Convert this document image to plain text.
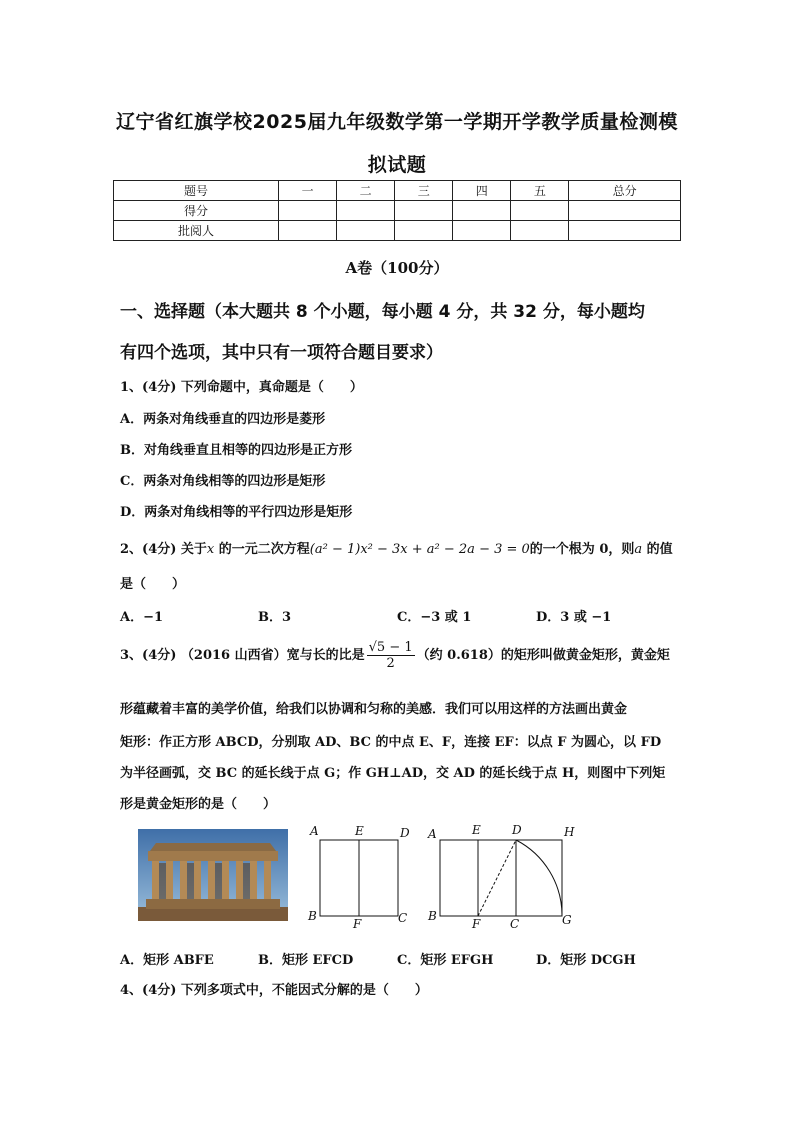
辽宁省红旗学校2025届九年级数学第一学期开学教学质量检测模
拟试题
题号	一	二	三	四	五	总分
得分						
批阅人						
A卷（100分）
一、选择题（本大题共 8 个小题，每小题 4 分，共 32 分，每小题均
有四个选项，其中只有一项符合题目要求）
1、(4分) 下列命题中，真命题是（　　）
A．两条对角线垂直的四边形是菱形
B．对角线垂直且相等的四边形是正方形
C．两条对角线相等的四边形是矩形
D．两条对角线相等的平行四边形是矩形
2、(4分) 关于x 的一元二次方程(a² − 1)x² − 3x + a² − 2a − 3 = 0的一个根为 0，则a 的值
是（　　）
A．−1	B．3	C．−3 或 1	D．3 或 −1
3、(4分) （2016 山西省）宽与长的比是 $\frac{√5 - 1}{2}$ （约 0.618）的矩形叫做黄金矩形，黄金矩
形蕴藏着丰富的美学价值，给我们以协调和匀称的美感．我们可以用这样的方法画出黄金
矩形：作正方形 ABCD，分别取 AD、BC 的中点 E、F，连接 EF：以点 F 为圆心，以 FD
为半径画弧，交 BC 的延长线于点 G；作 GH⊥AD，交 AD 的延长线于点 H，则图中下列矩
形是黄金矩形的是（　　）
A	E	D
B
F	C
A	E	D	H
B
F C	G
A．矩形 ABFE	B．矩形 EFCD	C．矩形 EFGH	D．矩形 DCGH
4、(4分) 下列多项式中，不能因式分解的是（　　）
